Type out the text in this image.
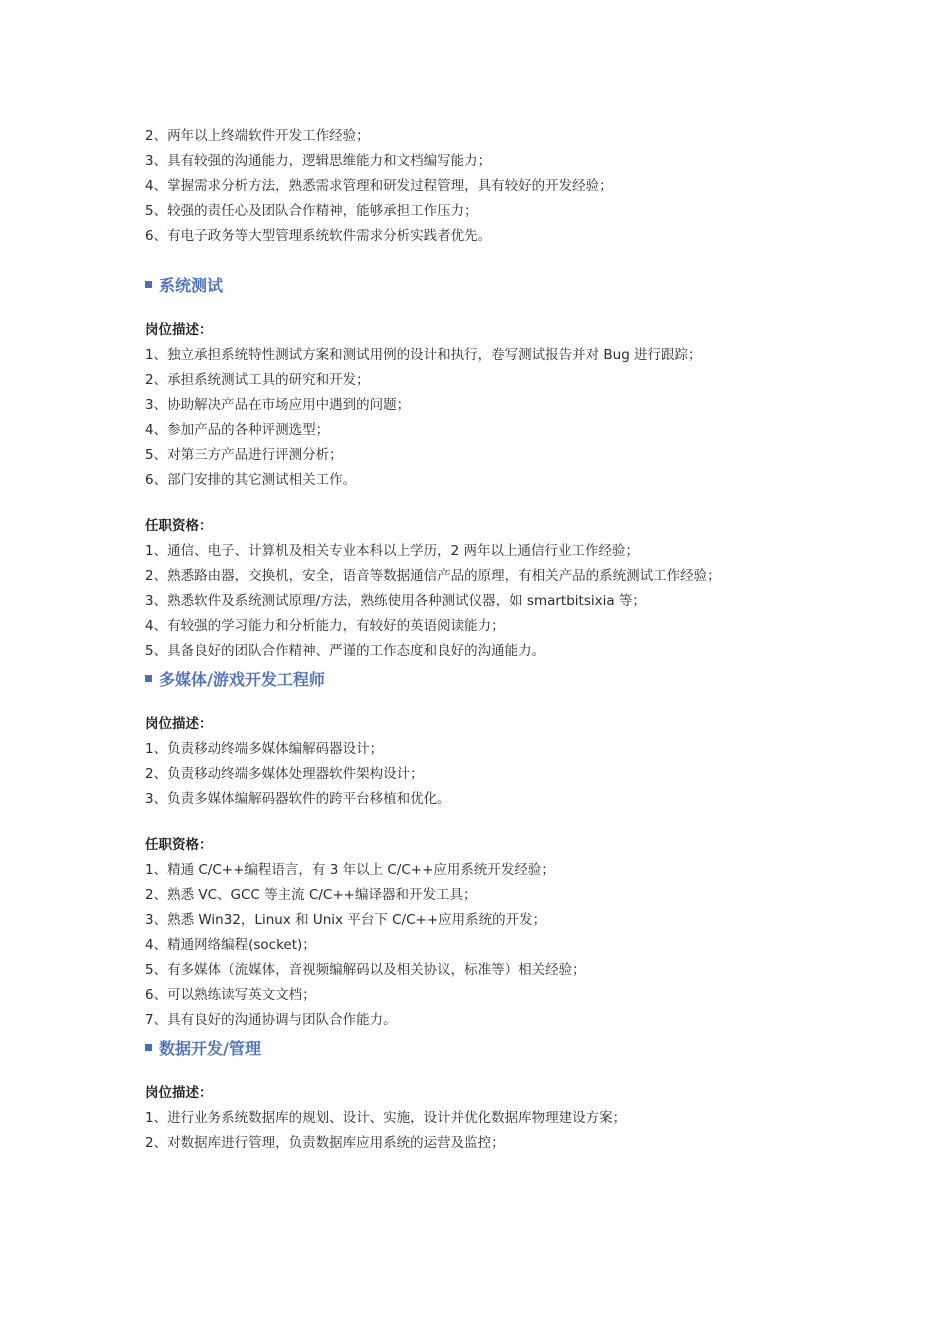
2、两年以上终端软件开发工作经验；
3、具有较强的沟通能力，逻辑思维能力和文档编写能力；
4、掌握需求分析方法，熟悉需求管理和研发过程管理，具有较好的开发经验；
5、较强的责任心及团队合作精神，能够承担工作压力；
6、有电子政务等大型管理系统软件需求分析实践者优先。
系统测试
岗位描述：
1、独立承担系统特性测试方案和测试用例的设计和执行，卷写测试报告并对 Bug 进行跟踪；
2、承担系统测试工具的研究和开发；
3、协助解决产品在市场应用中遇到的问题；
4、参加产品的各种评测选型；
5、对第三方产品进行评测分析；
6、部门安排的其它测试相关工作。
任职资格：
1、通信、电子、计算机及相关专业本科以上学历，2 两年以上通信行业工作经验；
2、熟悉路由器，交换机，安全，语音等数据通信产品的原理，有相关产品的系统测试工作经验；
3、熟悉软件及系统测试原理/方法，熟练使用各种测试仪器，如 smartbitsixia 等；
4、有较强的学习能力和分析能力，有较好的英语阅读能力；
5、具备良好的团队合作精神、严谨的工作态度和良好的沟通能力。
多媒体/游戏开发工程师
岗位描述：
1、负责移动终端多媒体编解码器设计；
2、负责移动终端多媒体处理器软件架构设计；
3、负责多媒体编解码器软件的跨平台移植和优化。
任职资格：
1、精通 C/C++编程语言，有 3 年以上 C/C++应用系统开发经验；
2、熟悉 VC、GCC 等主流 C/C++编译器和开发工具；
3、熟悉 Win32，Linux 和 Unix 平台下 C/C++应用系统的开发；
4、精通网络编程(socket)；
5、有多媒体（流媒体，音视频编解码以及相关协议，标准等）相关经验；
6、可以熟练读写英文文档；
7、具有良好的沟通协调与团队合作能力。
数据开发/管理
岗位描述：
1、进行业务系统数据库的规划、设计、实施，设计并优化数据库物理建设方案；
2、对数据库进行管理，负责数据库应用系统的运营及监控；
